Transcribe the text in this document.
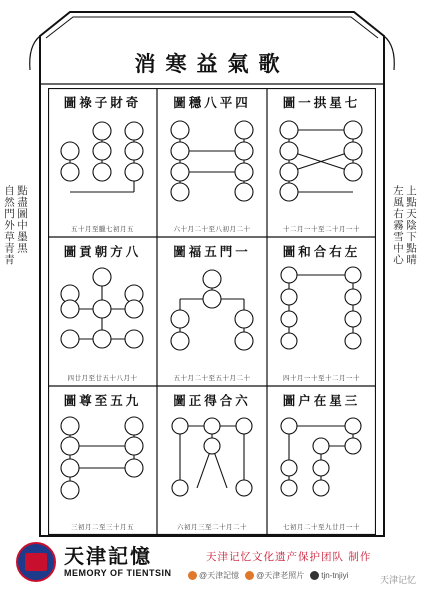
消寒益氣歌
點盡圖中墨黑
自然門外草青青	上點天陰下點晴
左風右霧雪中心
圖祿子財奇
五十月至臘七初月五
圖穩八平四
六十月二十至八初月二十
圖一拱星七
十二月一十至二十月一十
圖貢朝方八
四廿月至廿五十八月十
圖福五門一
五十月二十至五十月二十
圖和合右左
四十月一十至十二月一十
圖尊至五九
三初月二至三十月五
圖正得合六
六初月三至二十月二十
圖户在星三
七初月二十至九廿月一十
天津記憶
MEMORY OF TIENTSIN
天津记忆文化遗产保护团队 制作
@天津記憶	@天津老照片	tjn-tnjiyi
天津记忆
